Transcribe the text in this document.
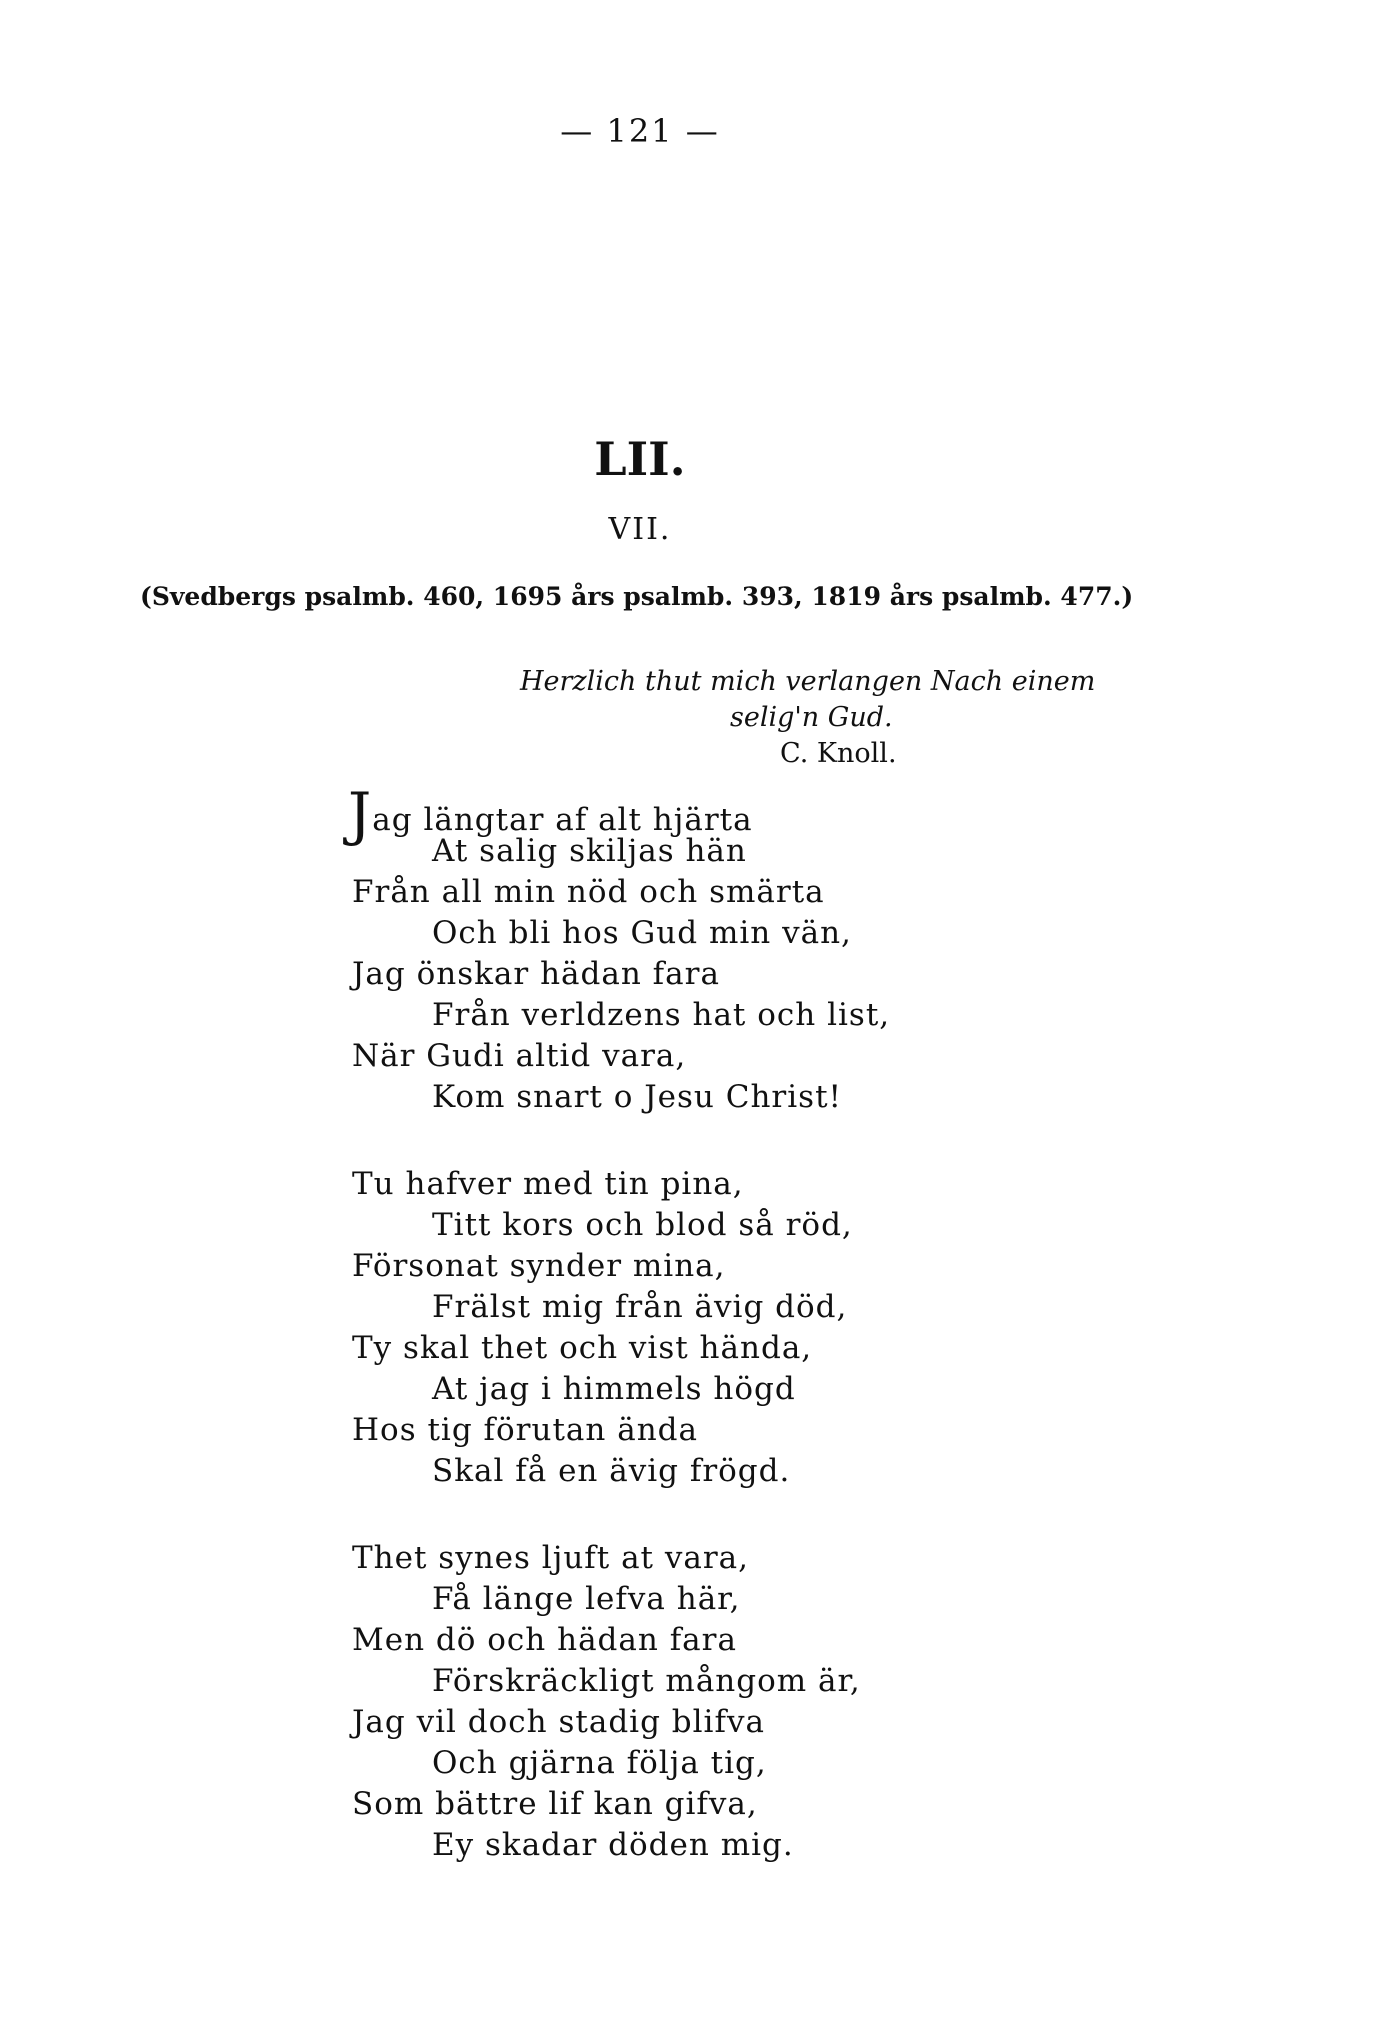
— 121 —
LII.
VII.
(Svedbergs psalmb. 460, 1695 års psalmb. 393, 1819 års psalmb. 477.)
Herzlich thut mich verlangen Nach einem
selig'n Gud.
C. Knoll.
Jag längtar af alt hjärta
At salig skiljas hän
Från all min nöd och smärta
Och bli hos Gud min vän,
Jag önskar hädan fara
Från verldzens hat och list,
När Gudi altid vara,
Kom snart o Jesu Christ!
Tu hafver med tin pina,
Titt kors och blod så röd,
Försonat synder mina,
Frälst mig från ävig död,
Ty skal thet och vist hända,
At jag i himmels högd
Hos tig förutan ända
Skal få en ävig frögd.
Thet synes ljuft at vara,
Få länge lefva här,
Men dö och hädan fara
Förskräckligt mångom är,
Jag vil doch stadig blifva
Och gjärna följa tig,
Som bättre lif kan gifva,
Ey skadar döden mig.
